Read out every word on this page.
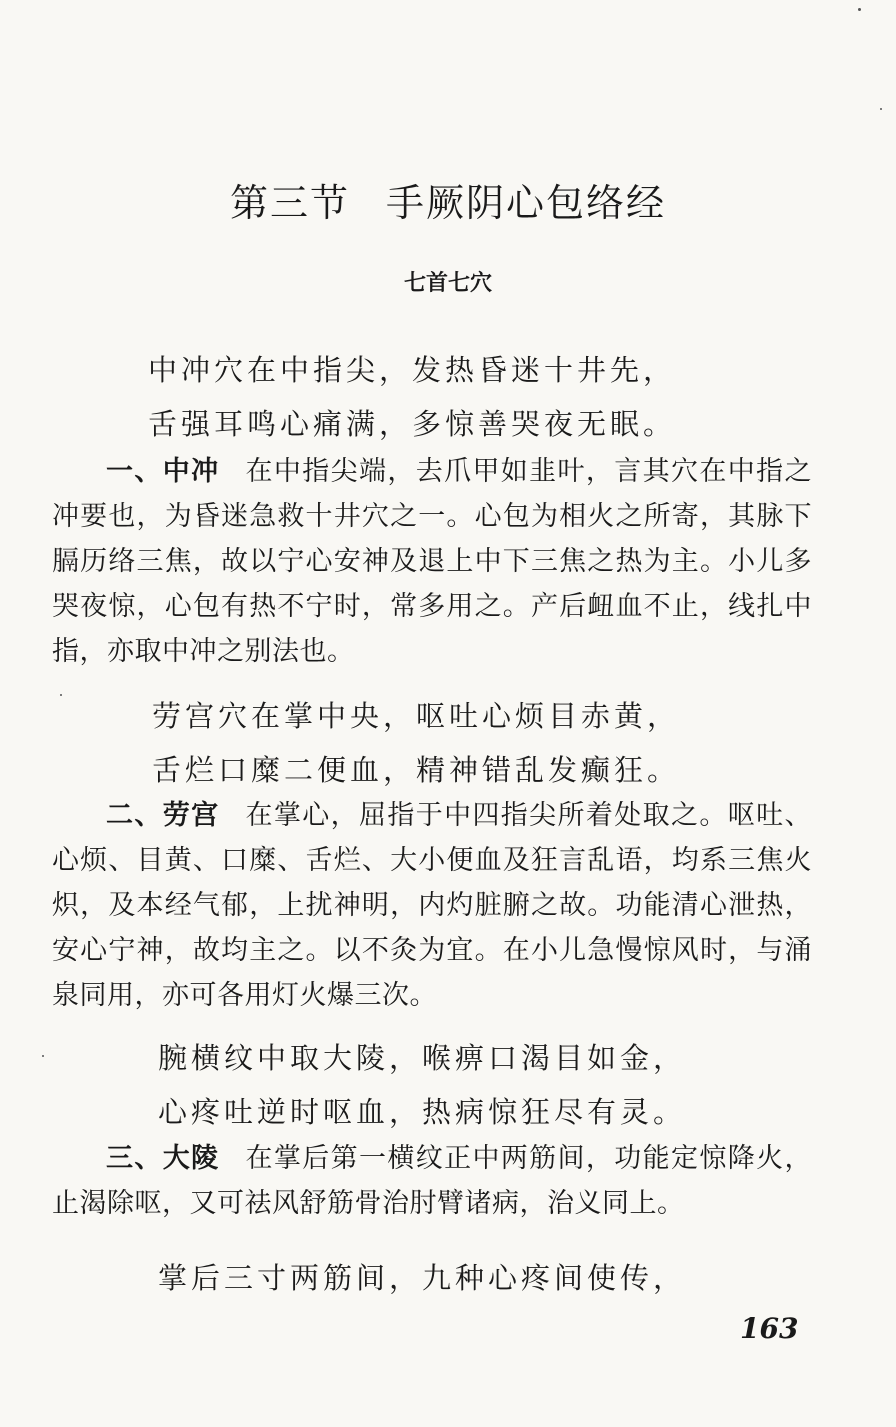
第三节 手厥阴心包络经
七首七穴
中冲穴在中指尖，发热昏迷十井先，
舌强耳鸣心痛满，多惊善哭夜无眠。
一、中冲 在中指尖端，去爪甲如韭叶，言其穴在中指之冲要也，为昏迷急救十井穴之一。心包为相火之所寄，其脉下膈历络三焦，故以宁心安神及退上中下三焦之热为主。小儿多哭夜惊，心包有热不宁时，常多用之。产后衄血不止，线扎中指，亦取中冲之别法也。
劳宫穴在掌中央，呕吐心烦目赤黄，
舌烂口糜二便血，精神错乱发癫狂。
二、劳宫 在掌心，屈指于中四指尖所着处取之。呕吐、心烦、目黄、口糜、舌烂、大小便血及狂言乱语，均系三焦火炽，及本经气郁，上扰神明，内灼脏腑之故。功能清心泄热，安心宁神，故均主之。以不灸为宜。在小儿急慢惊风时，与涌泉同用，亦可各用灯火爆三次。
腕横纹中取大陵，喉痹口渴目如金，
心疼吐逆时呕血，热病惊狂尽有灵。
三、大陵 在掌后第一横纹正中两筋间，功能定惊降火，止渴除呕，又可祛风舒筋骨治肘臂诸病，治义同上。
掌后三寸两筋间，九种心疼间使传，
163
